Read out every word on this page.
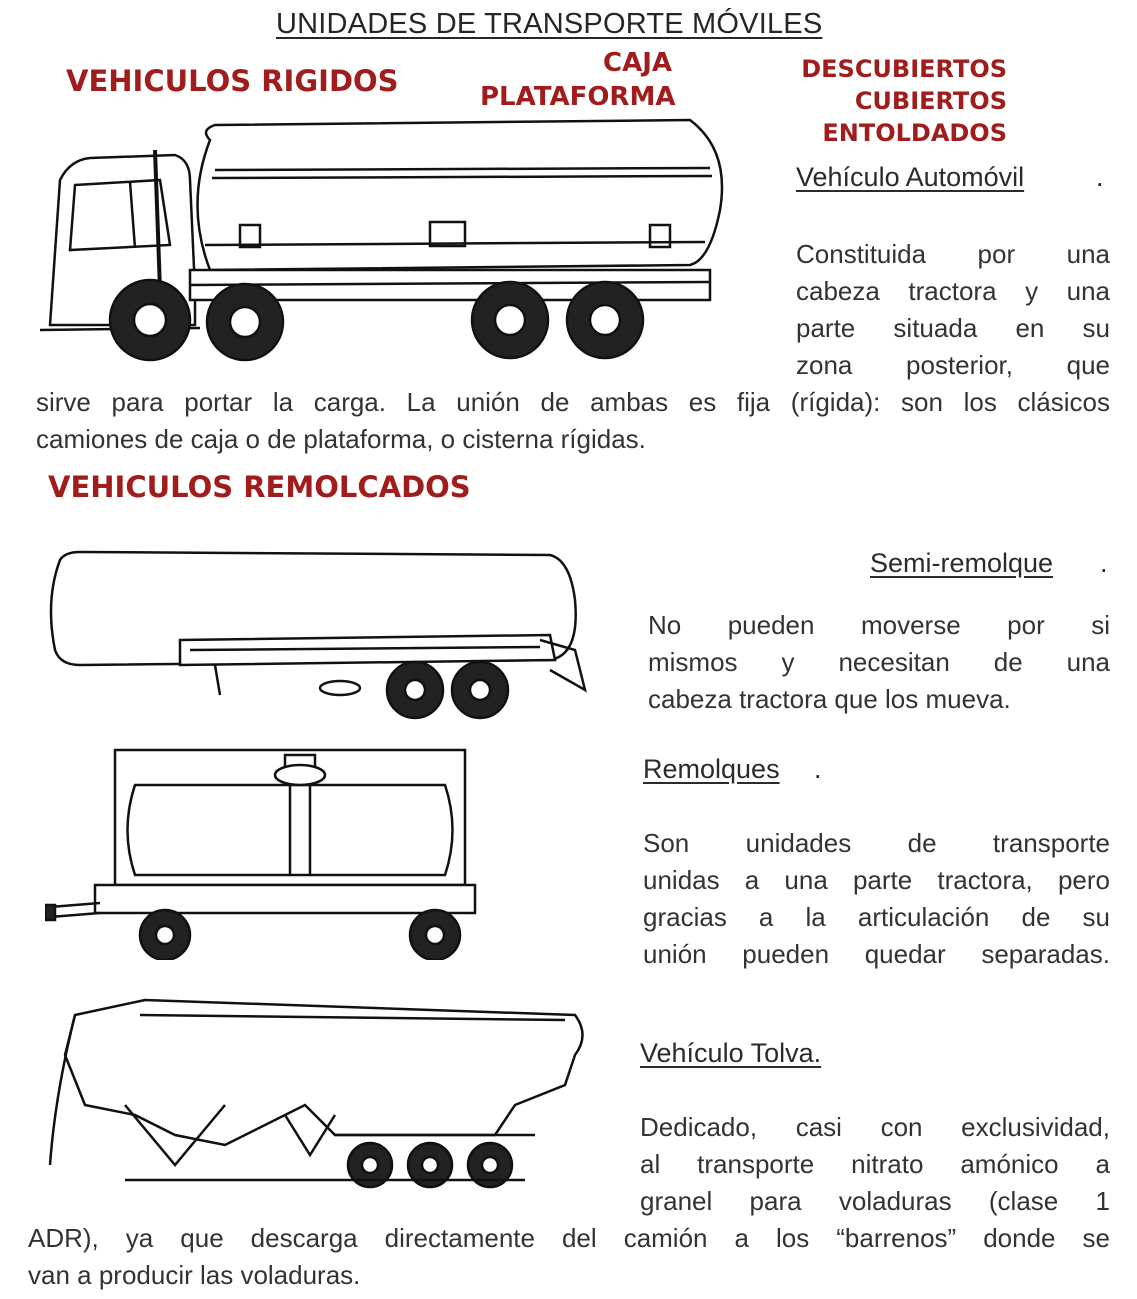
UNIDADES DE TRANSPORTE MÓVILES
VEHICULOS RIGIDOS
CAJA
PLATAFORMA
DESCUBIERTOS
CUBIERTOS
ENTOLDADOS
VEHICULOS REMOLCADOS
Vehículo Automóvil	.
Constituida por una
cabeza tractora y una
parte situada en su
zona posterior, que
sirve para portar la carga. La unión de ambas es fija (rígida): son los clásicos
camiones de caja o de plataforma, o cisterna rígidas.
Semi-remolque .
No pueden moverse por si
mismos y necesitan de una
cabeza tractora que los mueva.
Remolques .
Son unidades de transporte
unidas a una parte tractora, pero
gracias a la articulación de su
unión pueden quedar separadas.
Vehículo Tolva.
Dedicado, casi con exclusividad,
al transporte nitrato amónico a
granel para voladuras (clase 1
ADR), ya que descarga directamente del camión a los “barrenos” donde se
van a producir las voladuras.
